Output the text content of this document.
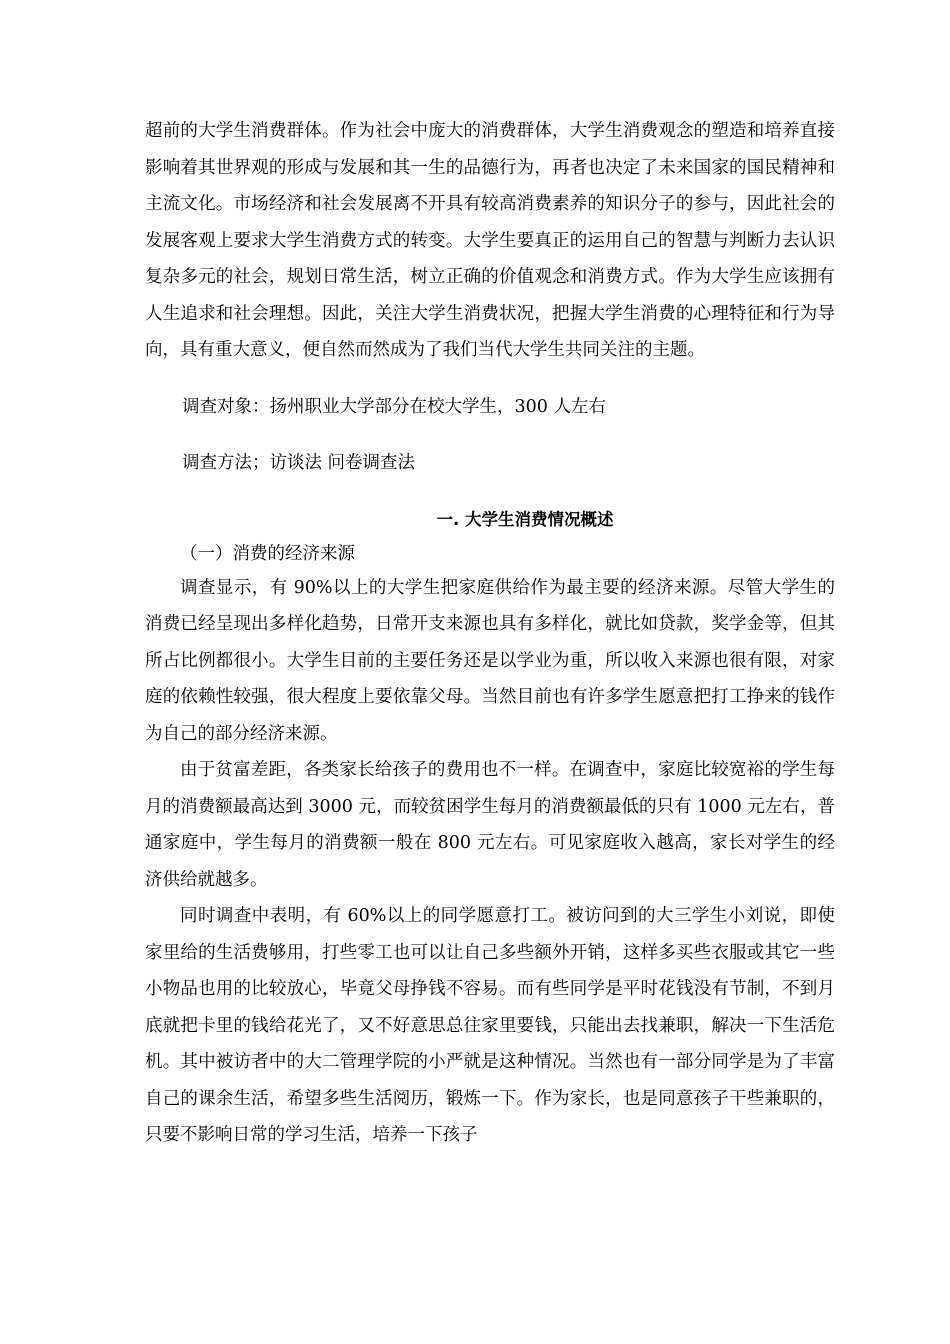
超前的大学生消费群体。作为社会中庞大的消费群体，大学生消费观念的塑造和培养直接影响着其世界观的形成与发展和其一生的品德行为，再者也决定了未来国家的国民精神和主流文化。市场经济和社会发展离不开具有较高消费素养的知识分子的参与，因此社会的发展客观上要求大学生消费方式的转变。大学生要真正的运用自己的智慧与判断力去认识复杂多元的社会，规划日常生活，树立正确的价值观念和消费方式。作为大学生应该拥有人生追求和社会理想。因此，关注大学生消费状况，把握大学生消费的心理特征和行为导向，具有重大意义，便自然而然成为了我们当代大学生共同关注的主题。

调查对象：扬州职业大学部分在校大学生，300 人左右

调查方法；访谈法 问卷调查法

一. 大学生消费情况概述

（一）消费的经济来源

调查显示，有 90%以上的大学生把家庭供给作为最主要的经济来源。尽管大学生的消费已经呈现出多样化趋势，日常开支来源也具有多样化，就比如贷款，奖学金等，但其所占比例都很小。大学生目前的主要任务还是以学业为重，所以收入来源也很有限，对家庭的依赖性较强，很大程度上要依靠父母。当然目前也有许多学生愿意把打工挣来的钱作为自己的部分经济来源。

由于贫富差距，各类家长给孩子的费用也不一样。在调查中，家庭比较宽裕的学生每月的消费额最高达到 3000 元，而较贫困学生每月的消费额最低的只有 1000 元左右，普通家庭中，学生每月的消费额一般在 800 元左右。可见家庭收入越高，家长对学生的经济供给就越多。

同时调查中表明，有 60%以上的同学愿意打工。被访问到的大三学生小刘说，即使家里给的生活费够用，打些零工也可以让自己多些额外开销，这样多买些衣服或其它一些小物品也用的比较放心，毕竟父母挣钱不容易。而有些同学是平时花钱没有节制，不到月底就把卡里的钱给花光了，又不好意思总往家里要钱，只能出去找兼职，解决一下生活危机。其中被访者中的大二管理学院的小严就是这种情况。当然也有一部分同学是为了丰富自己的课余生活，希望多些生活阅历，锻炼一下。作为家长，也是同意孩子干些兼职的，只要不影响日常的学习生活，培养一下孩子
